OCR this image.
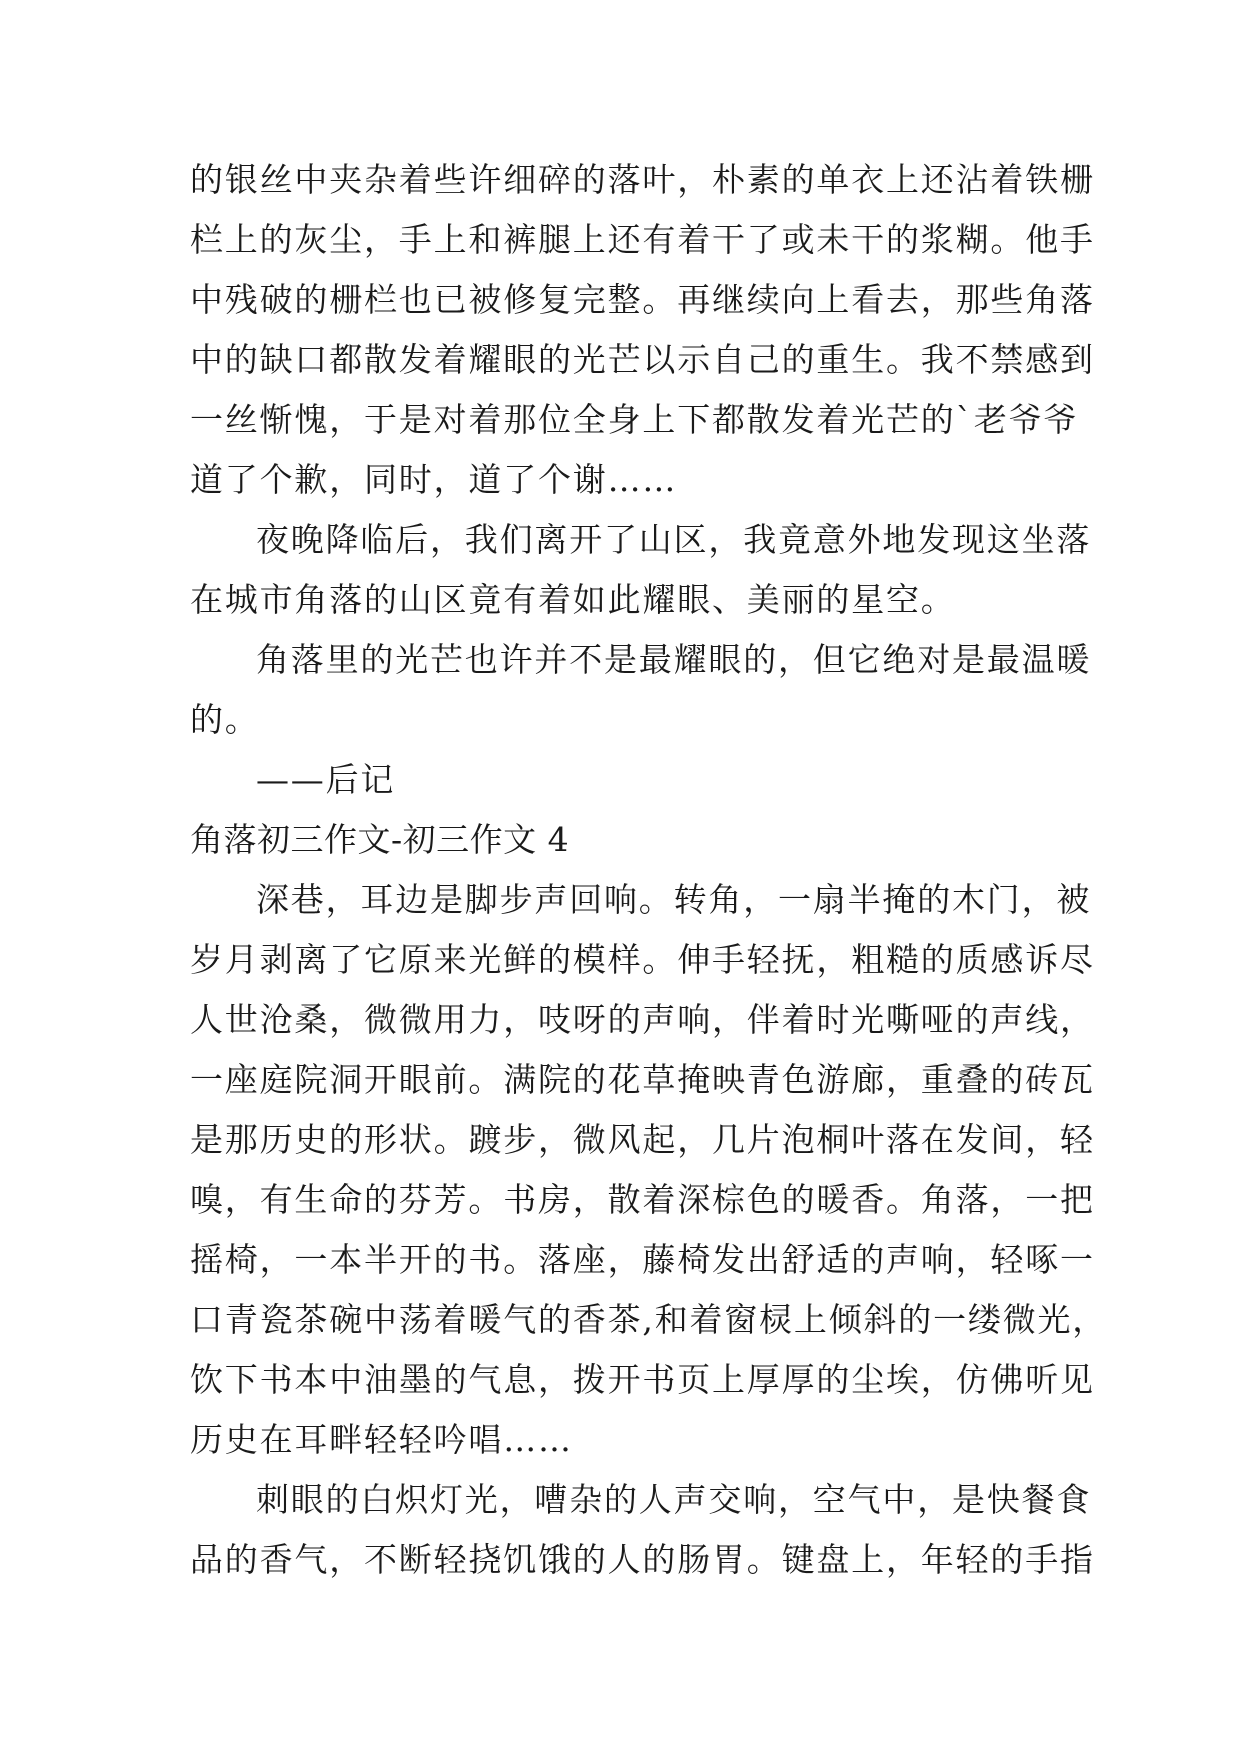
的银丝中夹杂着些许细碎的落叶，朴素的单衣上还沾着铁栅
栏上的灰尘，手上和裤腿上还有着干了或未干的浆糊。他手
中残破的栅栏也已被修复完整。再继续向上看去，那些角落
中的缺口都散发着耀眼的光芒以示自己的重生。我不禁感到
一丝惭愧，于是对着那位全身上下都散发着光芒的`老爷爷
道了个歉，同时，道了个谢……
夜晚降临后，我们离开了山区，我竟意外地发现这坐落
在城市角落的山区竟有着如此耀眼、美丽的星空。
角落里的光芒也许并不是最耀眼的，但它绝对是最温暖
的。
——后记
角落初三作文-初三作文 4
深巷，耳边是脚步声回响。转角，一扇半掩的木门，被
岁月剥离了它原来光鲜的模样。伸手轻抚，粗糙的质感诉尽
人世沧桑，微微用力，吱呀的声响，伴着时光嘶哑的声线，
一座庭院洞开眼前。满院的花草掩映青色游廊，重叠的砖瓦
是那历史的形状。踱步，微风起，几片泡桐叶落在发间，轻
嗅，有生命的芬芳。书房，散着深棕色的暖香。角落，一把
摇椅，一本半开的书。落座，藤椅发出舒适的声响，轻啄一
口青瓷茶碗中荡着暖气的香茶,和着窗棂上倾斜的一缕微光，
饮下书本中油墨的气息，拨开书页上厚厚的尘埃，仿佛听见
历史在耳畔轻轻吟唱……
刺眼的白炽灯光，嘈杂的人声交响，空气中，是快餐食
品的香气，不断轻挠饥饿的人的肠胃。键盘上，年轻的手指
